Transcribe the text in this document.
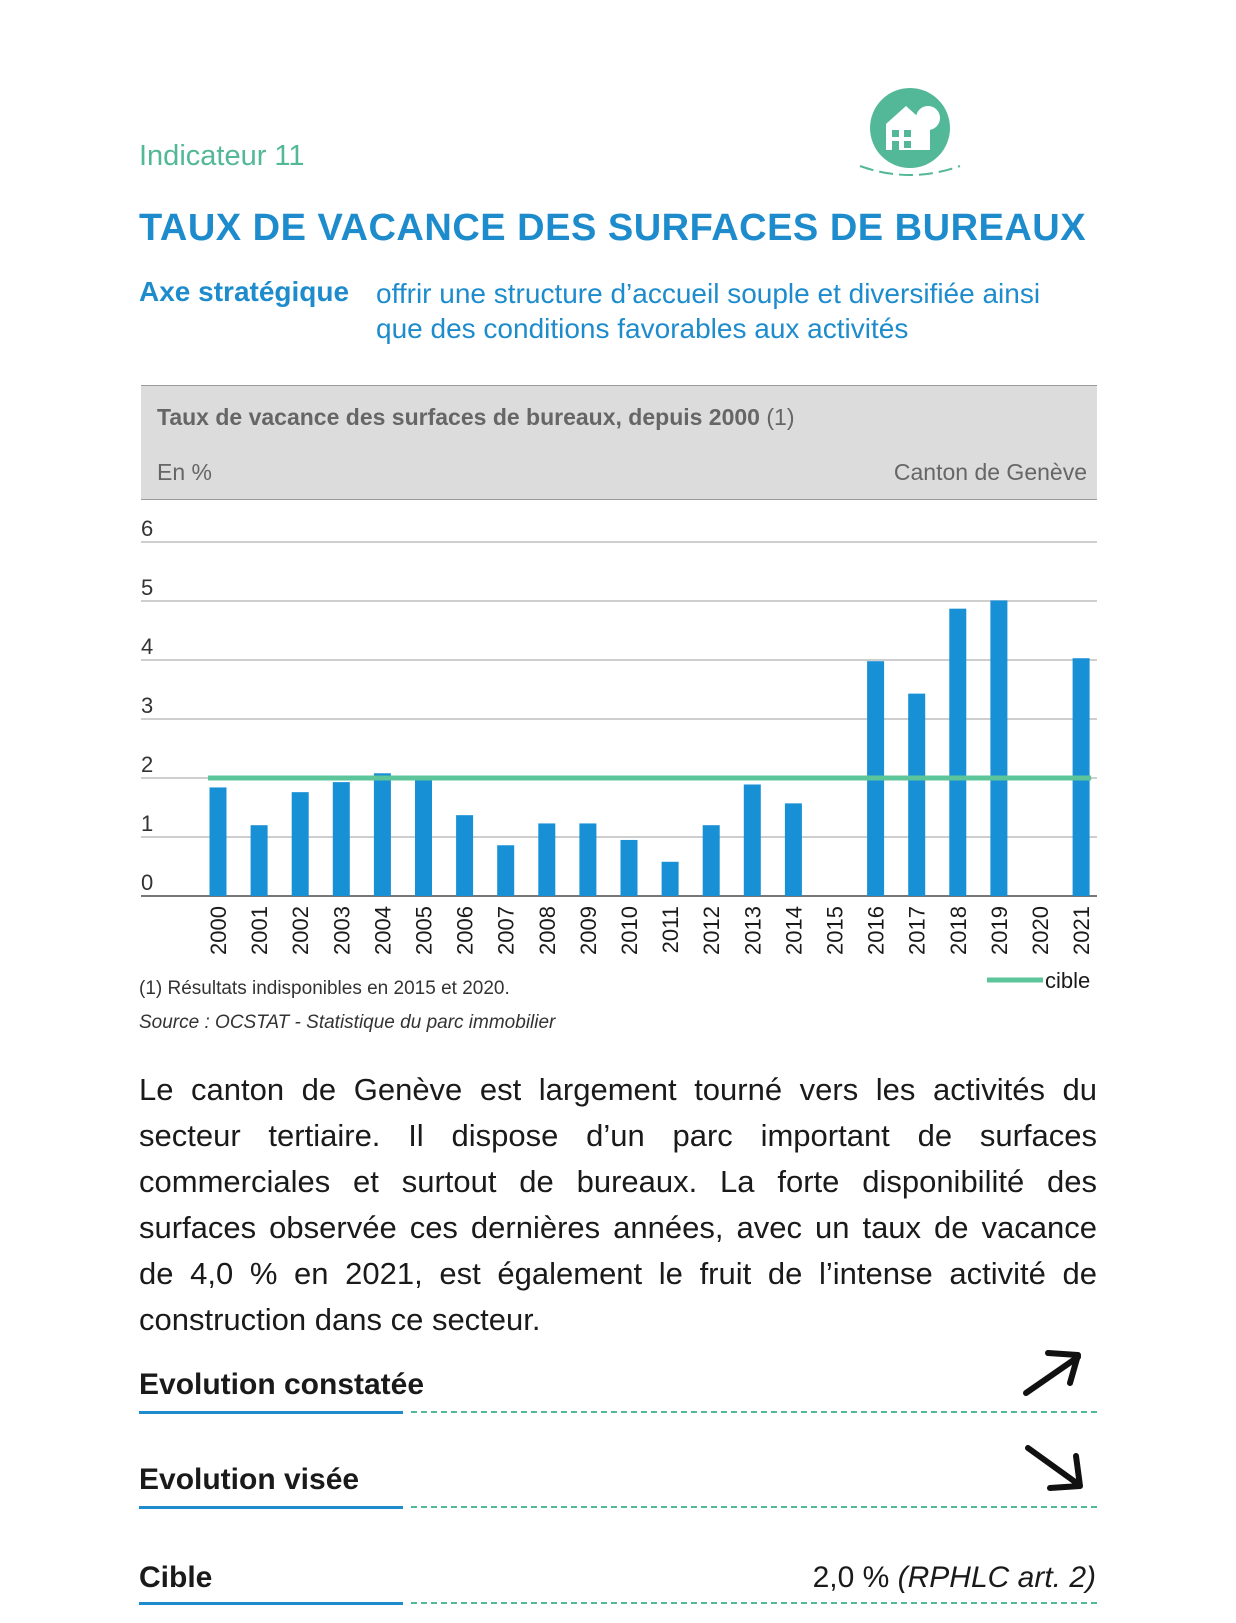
Indicateur 11
TAUX DE VACANCE DES SURFACES DE BUREAUX
Axe stratégique offrir une structure d’accueil souple et diversifiée ainsi que des conditions favorables aux activités
Taux de vacance des surfaces de bureaux, depuis 2000 (1)
En %	Canton de Genève
0
1
2
3
4
5
6
2000 2001 2002 2003 2004 2005 2006 2007 2008 2009 2010 2011 2012 2013 2014 2015 2016 2017 2018 2019 2020 2021
cible
(1) Résultats indisponibles en 2015 et 2020.
Source : OCSTAT - Statistique du parc immobilier
Le canton de Genève est largement tourné vers les activités du secteur tertiaire. Il dispose d’un parc important de surfaces commerciales et surtout de bureaux. La forte disponibilité des surfaces observée ces dernières années, avec un taux de vacance de 4,0 % en 2021, est également le fruit de l’intense activité de construction dans ce secteur.
Evolution constatée
Evolution visée
Cible	2,0 % (RPHLC art. 2)
